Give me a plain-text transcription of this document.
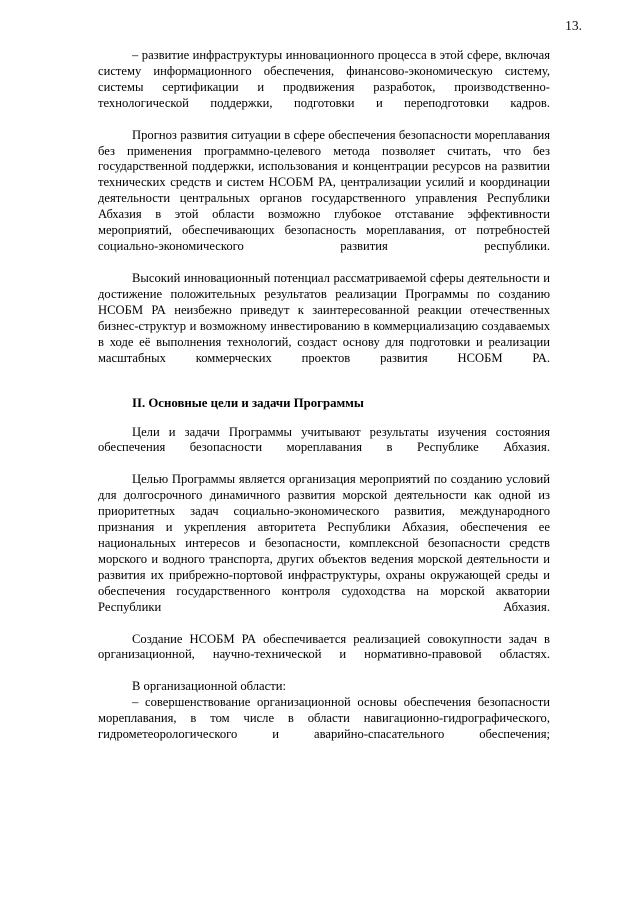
13.

– развитие инфраструктуры инновационного процесса в этой сфере, включая систему информационного обеспечения, финансово-экономическую систему, системы сертификации и продвижения разработок, производственно-технологической поддержки, подготовки и переподготовки кадров.

Прогноз развития ситуации в сфере обеспечения безопасности мореплавания без применения программно-целевого метода позволяет считать, что без государственной поддержки, использования и концентрации ресурсов на развитии технических средств и систем НСОБМ РА, централизации усилий и координации деятельности центральных органов государственного управления Республики Абхазия в этой области возможно глубокое отставание эффективности мероприятий, обеспечивающих безопасность мореплавания, от потребностей социально-экономического развития республики.

Высокий инновационный потенциал рассматриваемой сферы деятельности и достижение положительных результатов реализации Программы по созданию НСОБМ РА неизбежно приведут к заинтересованной реакции отечественных бизнес-структур и возможному инвестированию в коммерциализацию создаваемых в ходе её выполнения технологий, создаст основу для подготовки и реализации масштабных коммерческих проектов развития НСОБМ РА.

II. Основные цели и задачи Программы

Цели и задачи Программы учитывают результаты изучения состояния обеспечения безопасности мореплавания в Республике Абхазия.

Целью Программы является организация мероприятий по созданию условий для долгосрочного динамичного развития морской деятельности как одной из приоритетных задач социально-экономического развития, международного признания и укрепления авторитета Республики Абхазия, обеспечения ее национальных интересов и безопасности, комплексной безопасности средств морского и водного транспорта, других объектов ведения морской деятельности и развития их прибрежно-портовой инфраструктуры, охраны окружающей среды и обеспечения государственного контроля судоходства на морской акватории Республики Абхазия.

Создание НСОБМ РА обеспечивается реализацией совокупности задач в организационной, научно-технической и нормативно-правовой областях.

В организационной области:

– совершенствование организационной основы обеспечения безопасности мореплавания, в том числе в области навигационно-гидрографического, гидрометеорологического и аварийно-спасательного обеспечения;
